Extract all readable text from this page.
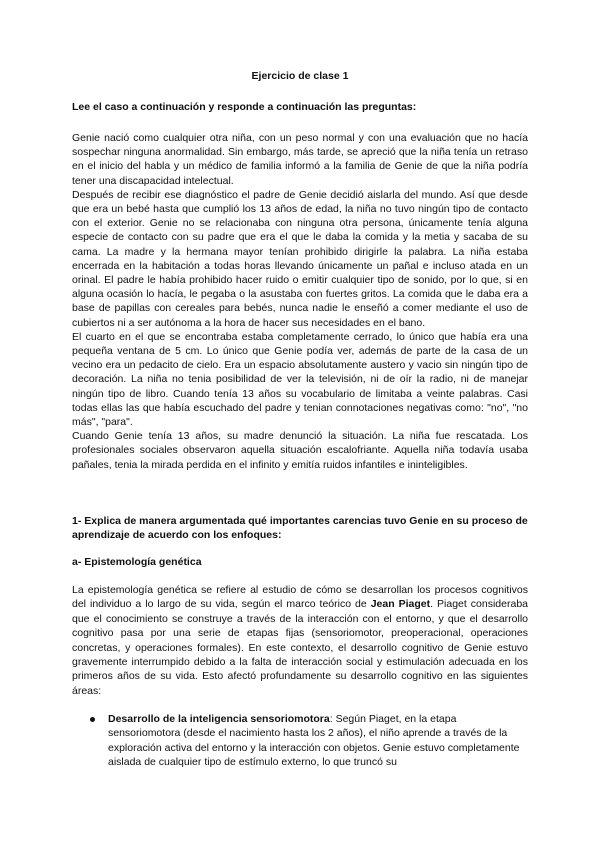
Ejercicio de clase 1
Lee el caso a continuación y responde a continuación las preguntas:

Genie nació como cualquier otra niña, con un peso normal y con una evaluación que no hacía sospechar ninguna anormalidad. Sin embargo, más tarde, se apreció que la niña tenía un retraso en el inicio del habla y un médico de familia informó a la familia de Genie de que la niña podría tener una discapacidad intelectual.

Después de recibir ese diagnóstico el padre de Genie decidió aislarla del mundo. Así que desde que era un bebé hasta que cumplió los 13 años de edad, la niña no tuvo ningún tipo de contacto con el exterior. Genie no se relacionaba con ninguna otra persona, únicamente tenía alguna especie de contacto con su padre que era el que le daba la comida y la metia y sacaba de su cama. La madre y la hermana mayor tenían prohibido dirigirle la palabra. La niña estaba encerrada en la habitación a todas horas llevando únicamente un pañal e incluso atada en un orinal. El padre le había prohibido hacer ruido o emitir cualquier tipo de sonido, por lo que, si en alguna ocasión lo hacía, le pegaba o la asustaba con fuertes gritos. La comida que le daba era a base de papillas con cereales para bebés, nunca nadie le enseñó a comer mediante el uso de cubiertos ni a ser autónoma a la hora de hacer sus necesidades en el bano.

El cuarto en el que se encontraba estaba completamente cerrado, lo único que había era una pequeña ventana de 5 cm. Lo único que Genie podía ver, además de parte de la casa de un vecino era un pedacito de cielo. Era un espacio absolutamente austero y vacio sin ningún tipo de decoración. La niña no tenia posibilidad de ver la televisión, ni de oír la radio, ni de manejar ningún tipo de libro. Cuando tenía 13 años su vocabulario de limitaba a veinte palabras. Casi todas ellas las que había escuchado del padre y tenian connotaciones negativas como: "no", "no más", "para".

Cuando Genie tenía 13 años, su madre denunció la situación. La niña fue rescatada. Los profesionales sociales observaron aquella situación escalofriante. Aquella niña todavía usaba pañales, tenia la mirada perdida en el infinito y emitía ruidos infantiles e ininteligibles.

1- Explica de manera argumentada qué importantes carencias tuvo Genie en su proceso de aprendizaje de acuerdo con los enfoques:
a- Epistemología genética

La epistemología genética se refiere al estudio de cómo se desarrollan los procesos cognitivos del individuo a lo largo de su vida, según el marco teórico de Jean Piaget. Piaget consideraba que el conocimiento se construye a través de la interacción con el entorno, y que el desarrollo cognitivo pasa por una serie de etapas fijas (sensoriomotor, preoperacional, operaciones concretas, y operaciones formales). En este contexto, el desarrollo cognitivo de Genie estuvo gravemente interrumpido debido a la falta de interacción social y estimulación adecuada en los primeros años de su vida. Esto afectó profundamente su desarrollo cognitivo en las siguientes áreas:

Desarrollo de la inteligencia sensoriomotora: Según Piaget, en la etapa sensoriomotora (desde el nacimiento hasta los 2 años), el niño aprende a través de la exploración activa del entorno y la interacción con objetos. Genie estuvo completamente aislada de cualquier tipo de estímulo externo, lo que truncó su
